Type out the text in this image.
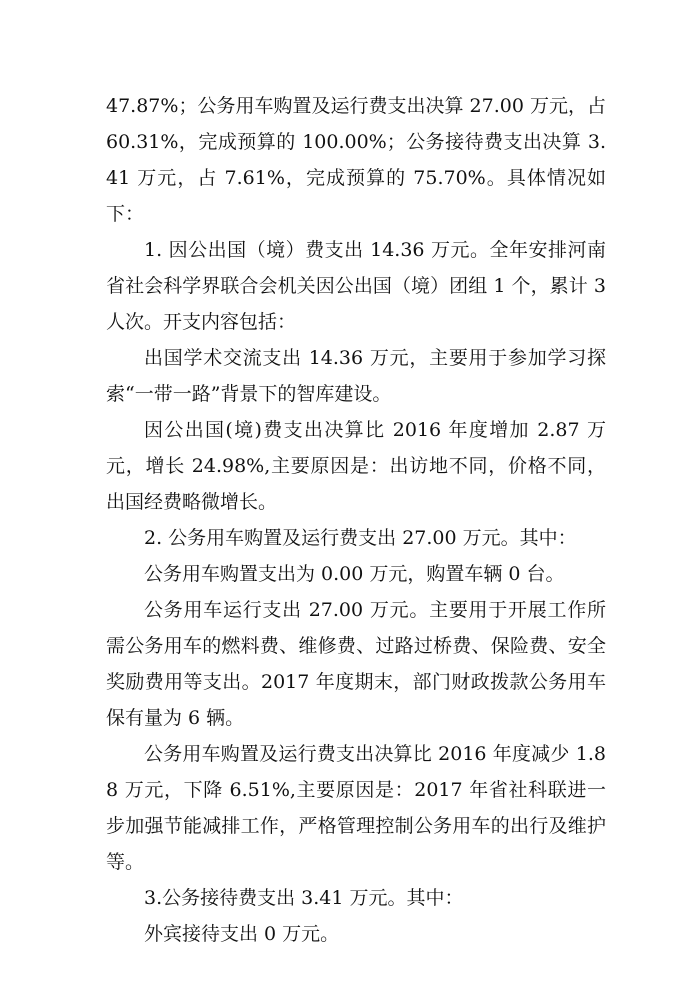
47.87%；公务用车购置及运行费支出决算 27.00 万元，占 60.31%，完成预算的 100.00%；公务接待费支出决算 3.41 万元，占 7.61%，完成预算的 75.70%。具体情况如下：

1. 因公出国（境）费支出 14.36 万元。全年安排河南省社会科学界联合会机关因公出国（境）团组 1 个，累计 3 人次。开支内容包括：

出国学术交流支出 14.36 万元，主要用于参加学习探索“一带一路”背景下的智库建设。

因公出国(境)费支出决算比 2016 年度增加 2.87 万元，增长 24.98%,主要原因是：出访地不同，价格不同，出国经费略微增长。

2. 公务用车购置及运行费支出 27.00 万元。其中：

公务用车购置支出为 0.00 万元，购置车辆 0 台。

公务用车运行支出 27.00 万元。主要用于开展工作所需公务用车的燃料费、维修费、过路过桥费、保险费、安全奖励费用等支出。2017 年度期末，部门财政拨款公务用车保有量为 6 辆。

公务用车购置及运行费支出决算比 2016 年度减少 1.88 万元，下降 6.51%,主要原因是：2017 年省社科联进一步加强节能减排工作，严格管理控制公务用车的出行及维护等。

3.公务接待费支出 3.41 万元。其中：

外宾接待支出 0 万元。
